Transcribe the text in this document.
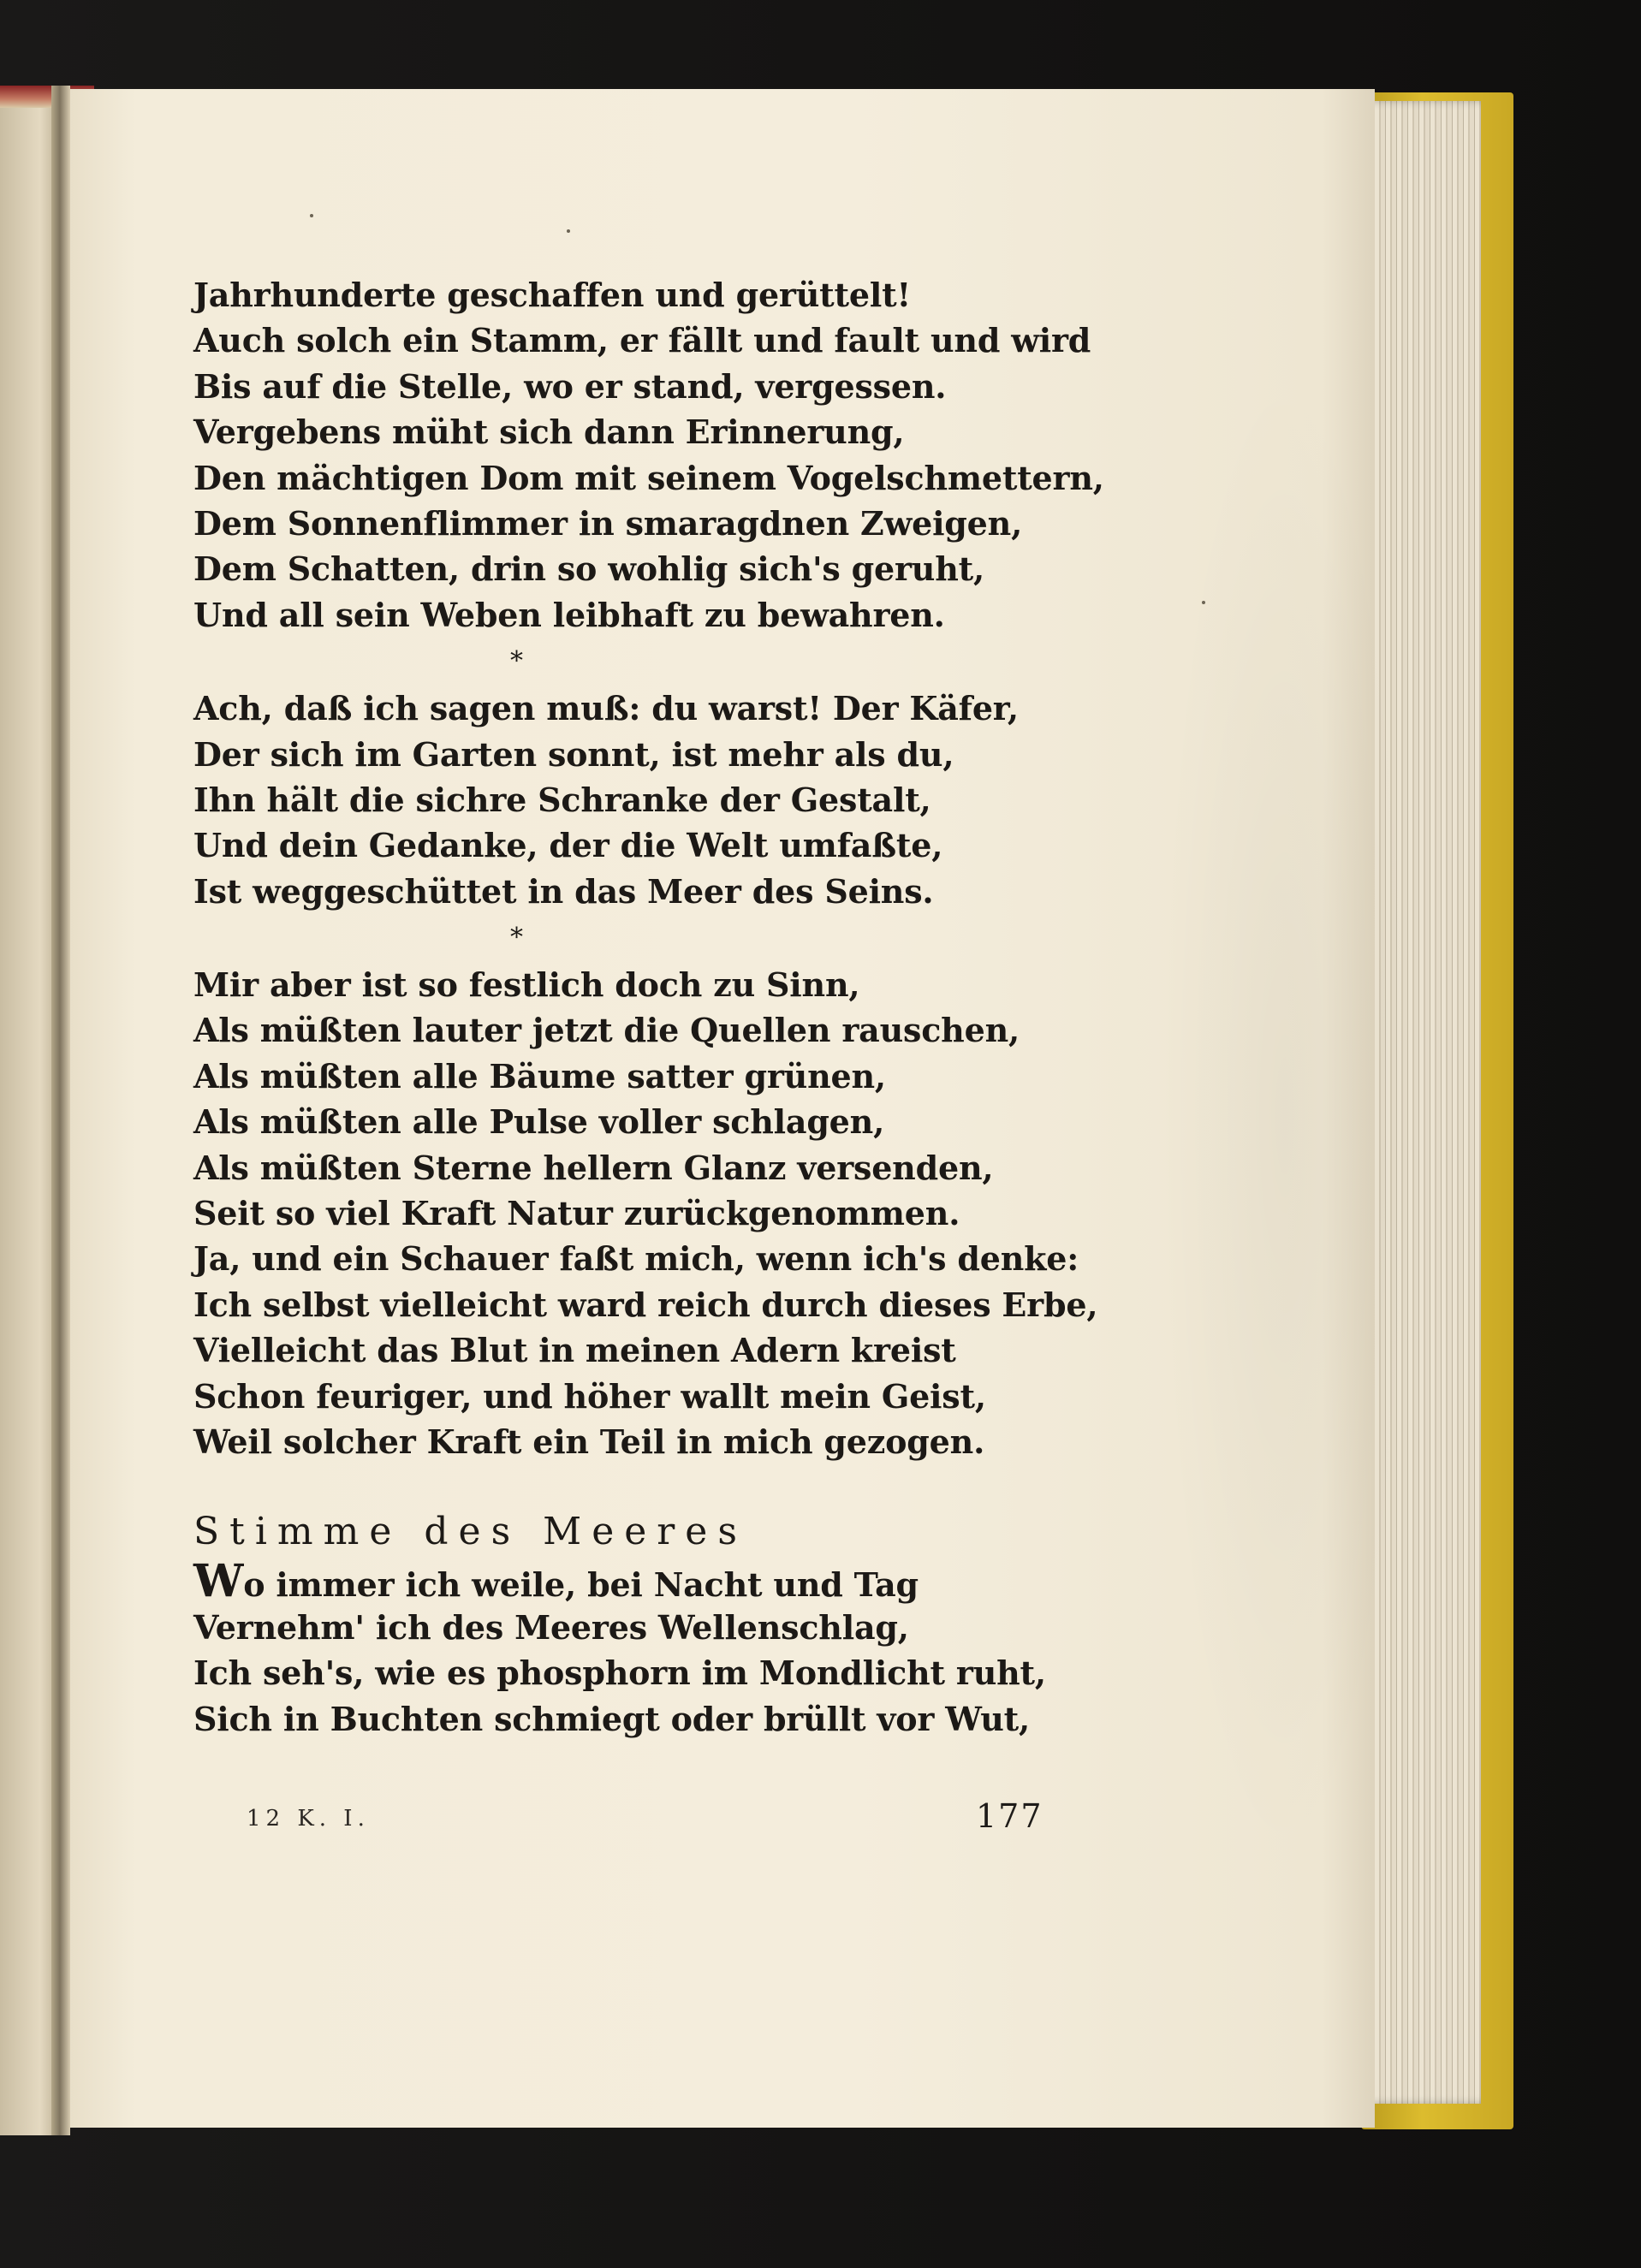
Jahrhunderte geschaffen und gerüttelt!
Auch solch ein Stamm, er fällt und fault und wird
Bis auf die Stelle, wo er stand, vergessen.
Vergebens müht sich dann Erinnerung,
Den mächtigen Dom mit seinem Vogelschmettern,
Dem Sonnenflimmer in smaragdnen Zweigen,
Dem Schatten, drin so wohlig sich's geruht,
Und all sein Weben leibhaft zu bewahren.
*
Ach, daß ich sagen muß: du warst! Der Käfer,
Der sich im Garten sonnt, ist mehr als du,
Ihn hält die sichre Schranke der Gestalt,
Und dein Gedanke, der die Welt umfaßte,
Ist weggeschüttet in das Meer des Seins.
*
Mir aber ist so festlich doch zu Sinn,
Als müßten lauter jetzt die Quellen rauschen,
Als müßten alle Bäume satter grünen,
Als müßten alle Pulse voller schlagen,
Als müßten Sterne hellern Glanz versenden,
Seit so viel Kraft Natur zurückgenommen.
Ja, und ein Schauer faßt mich, wenn ich's denke:
Ich selbst vielleicht ward reich durch dieses Erbe,
Vielleicht das Blut in meinen Adern kreist
Schon feuriger, und höher wallt mein Geist,
Weil solcher Kraft ein Teil in mich gezogen.
Stimme des Meeres
Wo immer ich weile, bei Nacht und Tag
Vernehm' ich des Meeres Wellenschlag,
Ich seh's, wie es phosphorn im Mondlicht ruht,
Sich in Buchten schmiegt oder brüllt vor Wut,
12 K. I.	177
